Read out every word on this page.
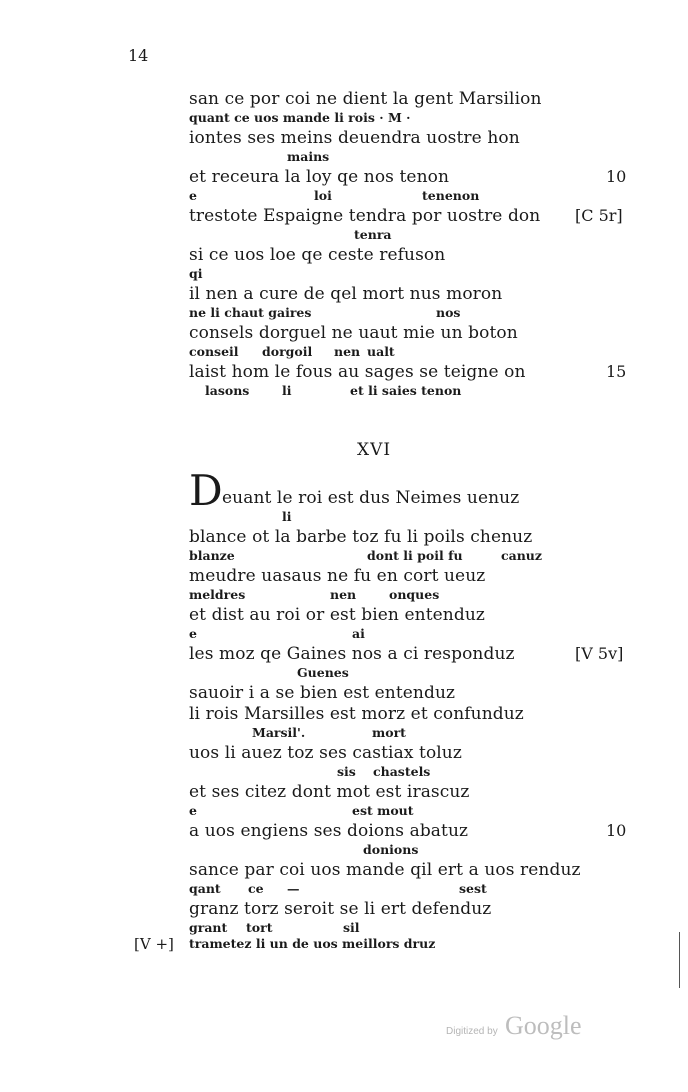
14
san ce por coi ne dient la gent Marsilion
quant ce uos mande li rois · M ·
iontes ses meins deuendra uostre hon
mains
et receura la loy qe nos tenon
e	loi	tenenon
10
trestote Espaigne tendra por uostre don
tenra
[C 5r]
si ce uos loe qe ceste refuson
qi
il nen a cure de qel mort nus moron
ne li chaut gaires	nos
consels dorguel ne uaut mie un boton
conseil dorgoil nen ualt
laist hom le fous au sages se teigne on
lasons	li	et li saies tenon
15
XVI
D euant le roi est dus Neimes uenuz
li
blance ot la barbe toz fu li poils chenuz
blanze	dont li poil fu	canuz
meudre uasaus ne fu en cort ueuz
meldres	nen	onques
et dist au roi or est bien entenduz
e	ai
les moz qe Gaines nos a ci responduz
Guenes
[V 5v]
sauoir i a se bien est entenduz
li rois Marsilles est morz et confunduz
Marsil'.	mort
uos li auez toz ses castiax toluz
sis chastels
et ses citez dont mot est irascuz
e	est mout
a uos engiens ses doions abatuz
donions
10
sance par coi uos mande qil ert a uos renduz
qant ce —	sest
granz torz seroit se li ert defenduz
grant tort	sil
[V +] trametez li un de uos meillors druz
Digitized by Google
